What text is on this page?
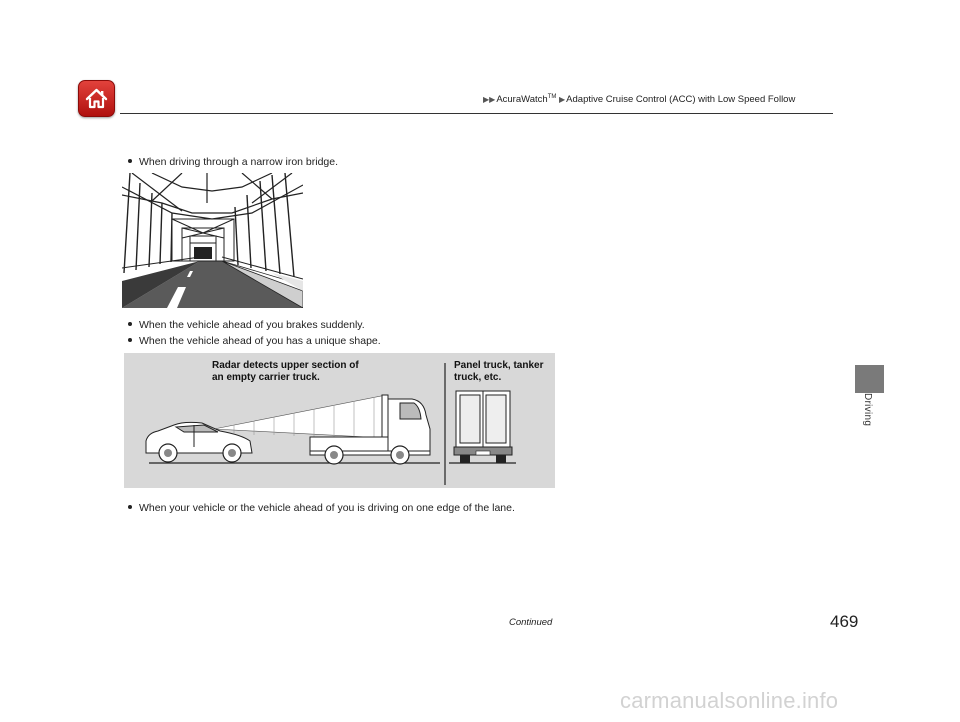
▶▶AcuraWatch™ ▶Adaptive Cruise Control (ACC) with Low Speed Follow
Driving
When driving through a narrow iron bridge.
When the vehicle ahead of you brakes suddenly.
When the vehicle ahead of you has a unique shape.
Radar detects upper section of
an empty carrier truck.
Panel truck, tanker
truck, etc.
When your vehicle or the vehicle ahead of you is driving on one edge of the lane.
Continued	469
carmanualsonline.info
